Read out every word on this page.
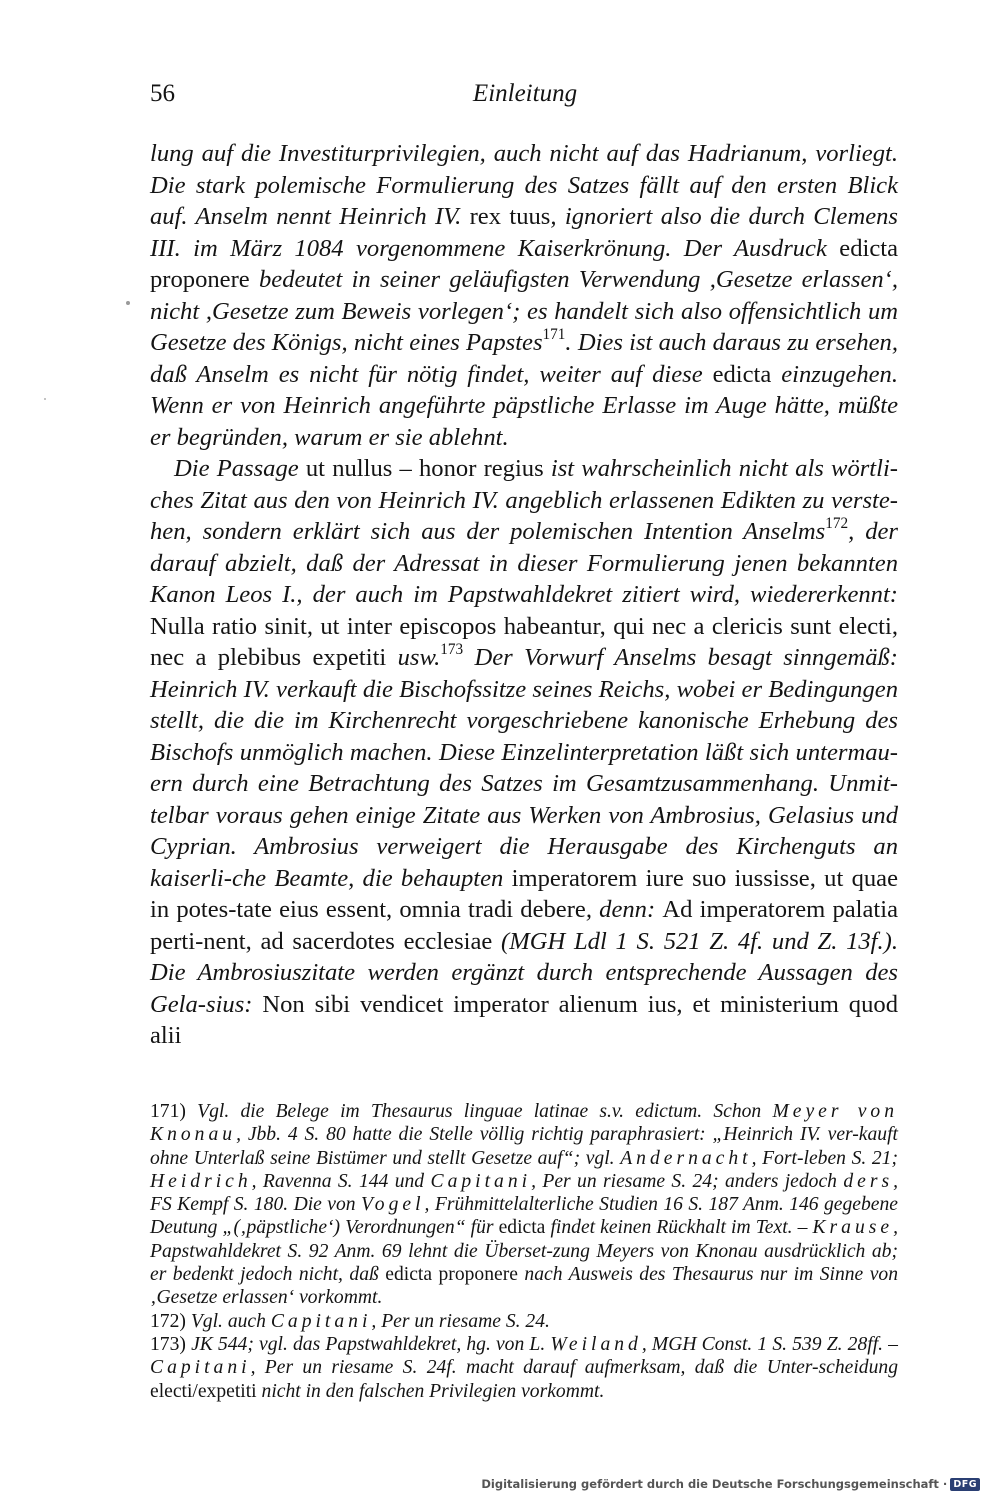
56	Einleitung

lung auf die Investiturprivilegien, auch nicht auf das Hadrianum, vorliegt. Die stark polemische Formulierung des Satzes fällt auf den ersten Blick auf. Anselm nennt Heinrich IV. rex tuus, ignoriert also die durch Clemens III. im März 1084 vorgenommene Kaiserkrönung. Der Ausdruck edicta proponere bedeutet in seiner geläufigsten Verwendung ,Gesetze erlassen‘, nicht ,Gesetze zum Beweis vorlegen‘; es handelt sich also offensichtlich um Gesetze des Königs, nicht eines Papstes$^{171}$. Dies ist auch daraus zu ersehen, daß Anselm es nicht für nötig findet, weiter auf diese edicta einzugehen. Wenn er von Heinrich angeführte päpstliche Erlasse im Auge hätte, müßte er begründen, warum er sie ablehnt.

Die Passage ut nullus – honor regius ist wahrscheinlich nicht als wörtli-ches Zitat aus den von Heinrich IV. angeblich erlassenen Edikten zu verste-hen, sondern erklärt sich aus der polemischen Intention Anselms$^{172}$, der darauf abzielt, daß der Adressat in dieser Formulierung jenen bekannten Kanon Leos I., der auch im Papstwahldekret zitiert wird, wiedererkennt: Nulla ratio sinit, ut inter episcopos habeantur, qui nec a clericis sunt electi, nec a plebibus expetiti usw.$^{173}$ Der Vorwurf Anselms besagt sinngemäß: Heinrich IV. verkauft die Bischofssitze seines Reichs, wobei er Bedingungen stellt, die die im Kirchenrecht vorgeschriebene kanonische Erhebung des Bischofs unmöglich machen. Diese Einzelinterpretation läßt sich untermau-ern durch eine Betrachtung des Satzes im Gesamtzusammenhang. Unmit-telbar voraus gehen einige Zitate aus Werken von Ambrosius, Gelasius und Cyprian. Ambrosius verweigert die Herausgabe des Kirchenguts an kaiserli-che Beamte, die behaupten imperatorem iure suo iussisse, ut quae in potes-tate eius essent, omnia tradi debere, denn: Ad imperatorem palatia perti-nent, ad sacerdotes ecclesiae (MGH Ldl 1 S. 521 Z. 4f. und Z. 13f.). Die Ambrosiuszitate werden ergänzt durch entsprechende Aussagen des Gela-sius: Non sibi vendicet imperator alienum ius, et ministerium quod alii

171) Vgl. die Belege im Thesaurus linguae latinae s.v. edictum. Schon Meyer von Knonau, Jbb. 4 S. 80 hatte die Stelle völlig richtig paraphrasiert: „Heinrich IV. ver-kauft ohne Unterlaß seine Bistümer und stellt Gesetze auf“; vgl. Andernacht, Fort-leben S. 21; Heidrich, Ravenna S. 144 und Capitani, Per un riesame S. 24; anders jedoch ders, FS Kempf S. 180. Die von Vogel, Frühmittelalterliche Studien 16 S. 187 Anm. 146 gegebene Deutung „(‚päpstliche‘) Verordnungen“ für edicta findet keinen Rückhalt im Text. – Krause, Papstwahldekret S. 92 Anm. 69 lehnt die Überset-zung Meyers von Knonau ausdrücklich ab; er bedenkt jedoch nicht, daß edicta proponere nach Ausweis des Thesaurus nur im Sinne von ‚Gesetze erlassen‘ vorkommt.

172) Vgl. auch Capitani, Per un riesame S. 24.

173) JK 544; vgl. das Papstwahldekret, hg. von L. Weiland, MGH Const. 1 S. 539 Z. 28ff. – Capitani, Per un riesame S. 24f. macht darauf aufmerksam, daß die Unter-scheidung electi/expetiti nicht in den falschen Privilegien vorkommt.

Digitalisierung gefördert durch die Deutsche Forschungsgemeinschaft · DFG
